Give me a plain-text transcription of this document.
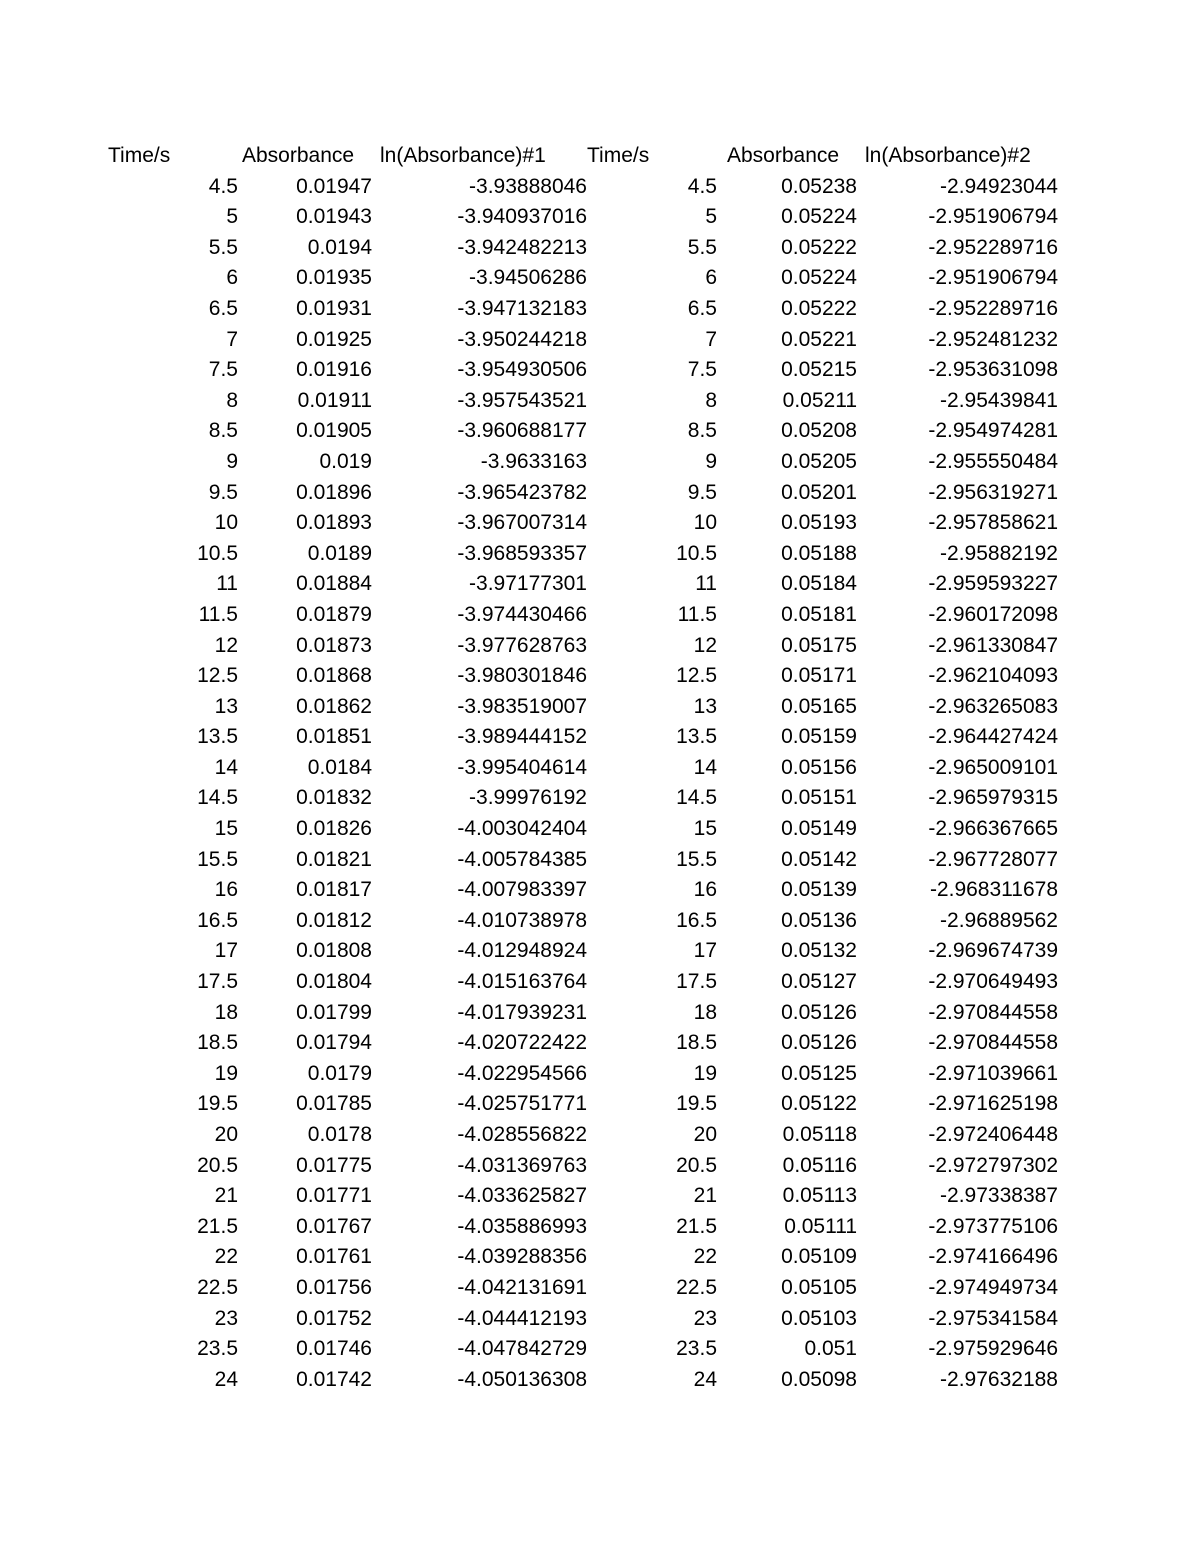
Time/s	Absorbance	ln(Absorbance)#1	Time/s	Absorbance	ln(Absorbance)#2
4.5	0.01947	-3.93888046	4.5	0.05238	-2.94923044
5	0.01943	-3.940937016	5	0.05224	-2.951906794
5.5	0.0194	-3.942482213	5.5	0.05222	-2.952289716
6	0.01935	-3.94506286	6	0.05224	-2.951906794
6.5	0.01931	-3.947132183	6.5	0.05222	-2.952289716
7	0.01925	-3.950244218	7	0.05221	-2.952481232
7.5	0.01916	-3.954930506	7.5	0.05215	-2.953631098
8	0.01911	-3.957543521	8	0.05211	-2.95439841
8.5	0.01905	-3.960688177	8.5	0.05208	-2.954974281
9	0.019	-3.9633163	9	0.05205	-2.955550484
9.5	0.01896	-3.965423782	9.5	0.05201	-2.956319271
10	0.01893	-3.967007314	10	0.05193	-2.957858621
10.5	0.0189	-3.968593357	10.5	0.05188	-2.95882192
11	0.01884	-3.97177301	11	0.05184	-2.959593227
11.5	0.01879	-3.974430466	11.5	0.05181	-2.960172098
12	0.01873	-3.977628763	12	0.05175	-2.961330847
12.5	0.01868	-3.980301846	12.5	0.05171	-2.962104093
13	0.01862	-3.983519007	13	0.05165	-2.963265083
13.5	0.01851	-3.989444152	13.5	0.05159	-2.964427424
14	0.0184	-3.995404614	14	0.05156	-2.965009101
14.5	0.01832	-3.99976192	14.5	0.05151	-2.965979315
15	0.01826	-4.003042404	15	0.05149	-2.966367665
15.5	0.01821	-4.005784385	15.5	0.05142	-2.967728077
16	0.01817	-4.007983397	16	0.05139	-2.968311678
16.5	0.01812	-4.010738978	16.5	0.05136	-2.96889562
17	0.01808	-4.012948924	17	0.05132	-2.969674739
17.5	0.01804	-4.015163764	17.5	0.05127	-2.970649493
18	0.01799	-4.017939231	18	0.05126	-2.970844558
18.5	0.01794	-4.020722422	18.5	0.05126	-2.970844558
19	0.0179	-4.022954566	19	0.05125	-2.971039661
19.5	0.01785	-4.025751771	19.5	0.05122	-2.971625198
20	0.0178	-4.028556822	20	0.05118	-2.972406448
20.5	0.01775	-4.031369763	20.5	0.05116	-2.972797302
21	0.01771	-4.033625827	21	0.05113	-2.97338387
21.5	0.01767	-4.035886993	21.5	0.05111	-2.973775106
22	0.01761	-4.039288356	22	0.05109	-2.974166496
22.5	0.01756	-4.042131691	22.5	0.05105	-2.974949734
23	0.01752	-4.044412193	23	0.05103	-2.975341584
23.5	0.01746	-4.047842729	23.5	0.051	-2.975929646
24	0.01742	-4.050136308	24	0.05098	-2.97632188
